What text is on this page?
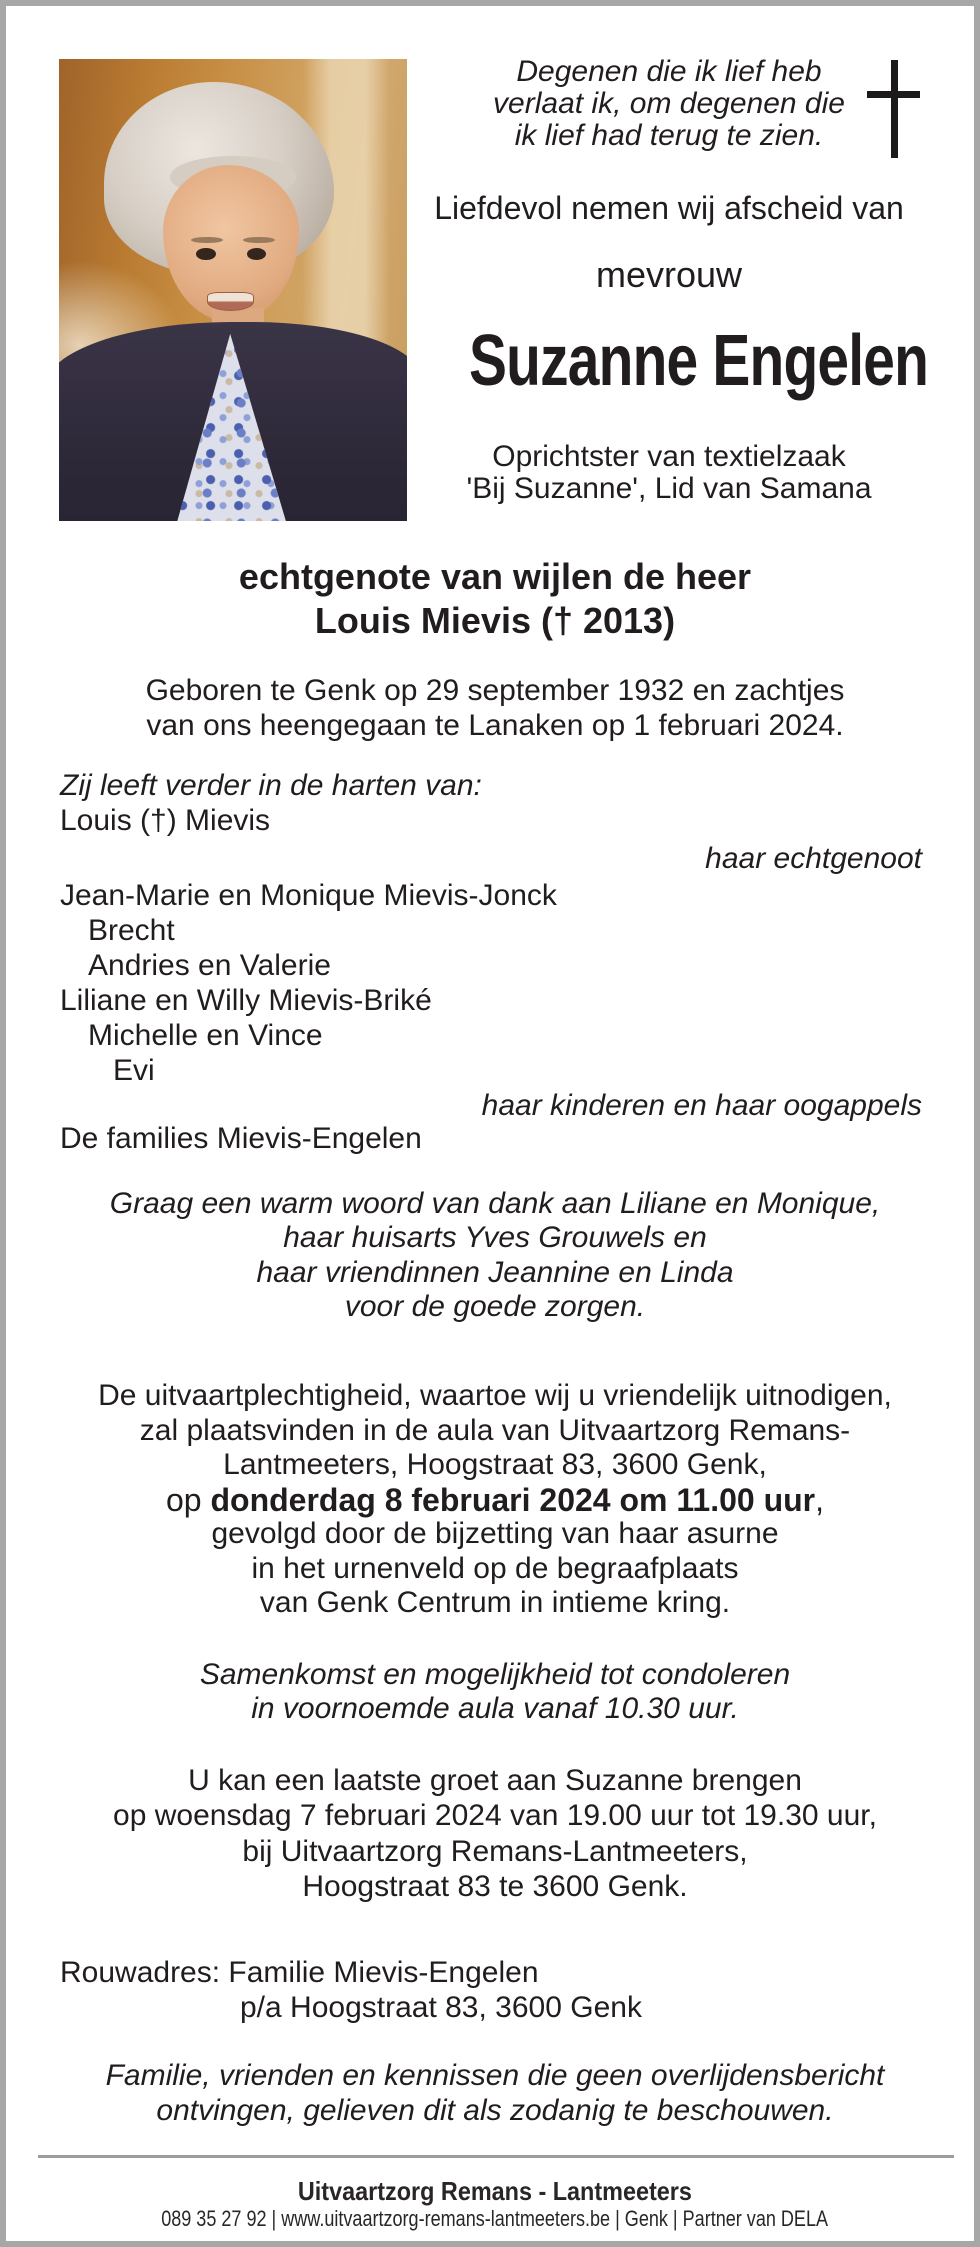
Degenen die ik lief heb
verlaat ik, om degenen die
ik lief had terug te zien.
Liefdevol nemen wij afscheid van
mevrouw
Suzanne Engelen
Oprichtster van textielzaak
'Bij Suzanne', Lid van Samana
echtgenote van wijlen de heer
Louis Mievis († 2013)
Geboren te Genk op 29 september 1932 en zachtjes
van ons heengegaan te Lanaken op 1 februari 2024.
Zij leeft verder in de harten van:
Louis (†) Mievis
haar echtgenoot
Jean-Marie en Monique Mievis-Jonck
Brecht
Andries en Valerie
Liliane en Willy Mievis-Briké
Michelle en Vince
Evi
haar kinderen en haar oogappels
De families Mievis-Engelen
Graag een warm woord van dank aan Liliane en Monique,
haar huisarts Yves Grouwels en
haar vriendinnen Jeannine en Linda
voor de goede zorgen.
De uitvaartplechtigheid, waartoe wij u vriendelijk uitnodigen,
zal plaatsvinden in de aula van Uitvaartzorg Remans-
Lantmeeters, Hoogstraat 83, 3600 Genk,
op donderdag 8 februari 2024 om 11.00 uur,
gevolgd door de bijzetting van haar asurne
in het urnenveld op de begraafplaats
van Genk Centrum in intieme kring.
Samenkomst en mogelijkheid tot condoleren
in voornoemde aula vanaf 10.30 uur.
U kan een laatste groet aan Suzanne brengen
op woensdag 7 februari 2024 van 19.00 uur tot 19.30 uur,
bij Uitvaartzorg Remans-Lantmeeters,
Hoogstraat 83 te 3600 Genk.
Rouwadres: Familie Mievis-Engelen
p/a Hoogstraat 83, 3600 Genk
Familie, vrienden en kennissen die geen overlijdensbericht
ontvingen, gelieven dit als zodanig te beschouwen.
Uitvaartzorg Remans - Lantmeeters
089 35 27 92 | www.uitvaartzorg-remans-lantmeeters.be | Genk | Partner van DELA
